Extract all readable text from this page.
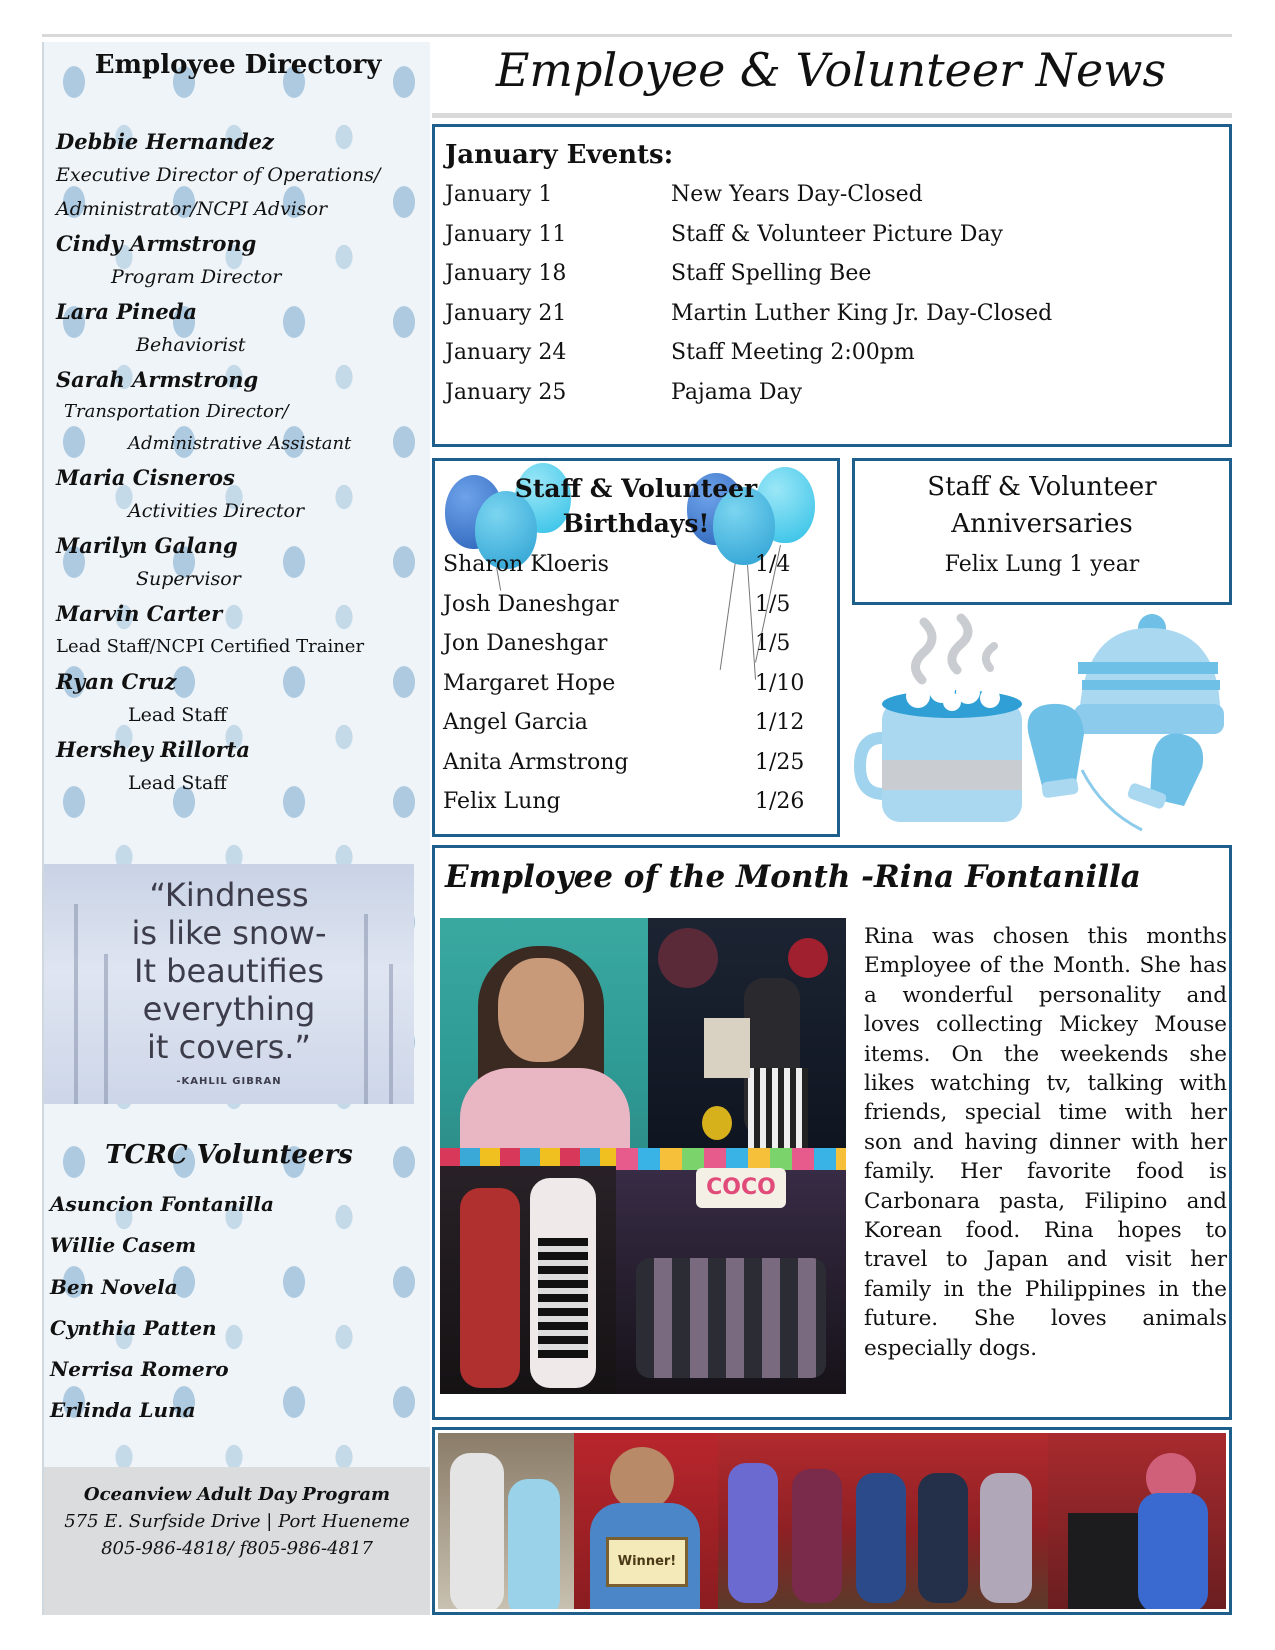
Employee Directory
Debbie Hernandez
Executive Director of Operations/
Administrator/NCPI Advisor
Cindy Armstrong
Program Director
Lara Pineda
Behaviorist
Sarah Armstrong
Transportation Director/
Administrative Assistant
Maria Cisneros
Activities Director
Marilyn Galang
Supervisor
Marvin Carter
Lead Staff/NCPI Certified Trainer
Ryan Cruz
Lead Staff
Hershey Rillorta
Lead Staff
“Kindness
is like snow-
It beautifies
everything
it covers.”
-KAHLIL GIBRAN
TCRC Volunteers
Asuncion Fontanilla
Willie Casem
Ben Novela
Cynthia Patten
Nerrisa Romero
Erlinda Luna
Oceanview Adult Day Program
575 E. Surfside Drive | Port Hueneme
805-986-4818/ f805-986-4817
Employee & Volunteer News
January Events:
January 1	New Years Day-Closed
January 11	Staff & Volunteer Picture Day
January 18	Staff Spelling Bee
January 21	Martin Luther King Jr. Day-Closed
January 24	Staff Meeting 2:00pm
January 25	Pajama Day
Staff & Volunteer
Birthdays!
Sharon Kloeris	1/4
Josh Daneshgar	1/5
Jon Daneshgar	1/5
Margaret Hope	1/10
Angel Garcia	1/12
Anita Armstrong	1/25
Felix Lung	1/26
Staff & Volunteer
Anniversaries
Felix Lung 1 year
Employee of the Month -Rina Fontanilla
COCO
Rina was chosen this months Employee of the Month. She has a wonderful personality and loves collecting Mickey Mouse items. On the weekends she likes watching tv, talking with friends, special time with her son and having dinner with her family. Her favorite food is Carbonara pasta, Filipino and Korean food. Rina hopes to travel to Japan and visit her family in the Philippines in the future. She loves animals especially dogs.
Winner!
